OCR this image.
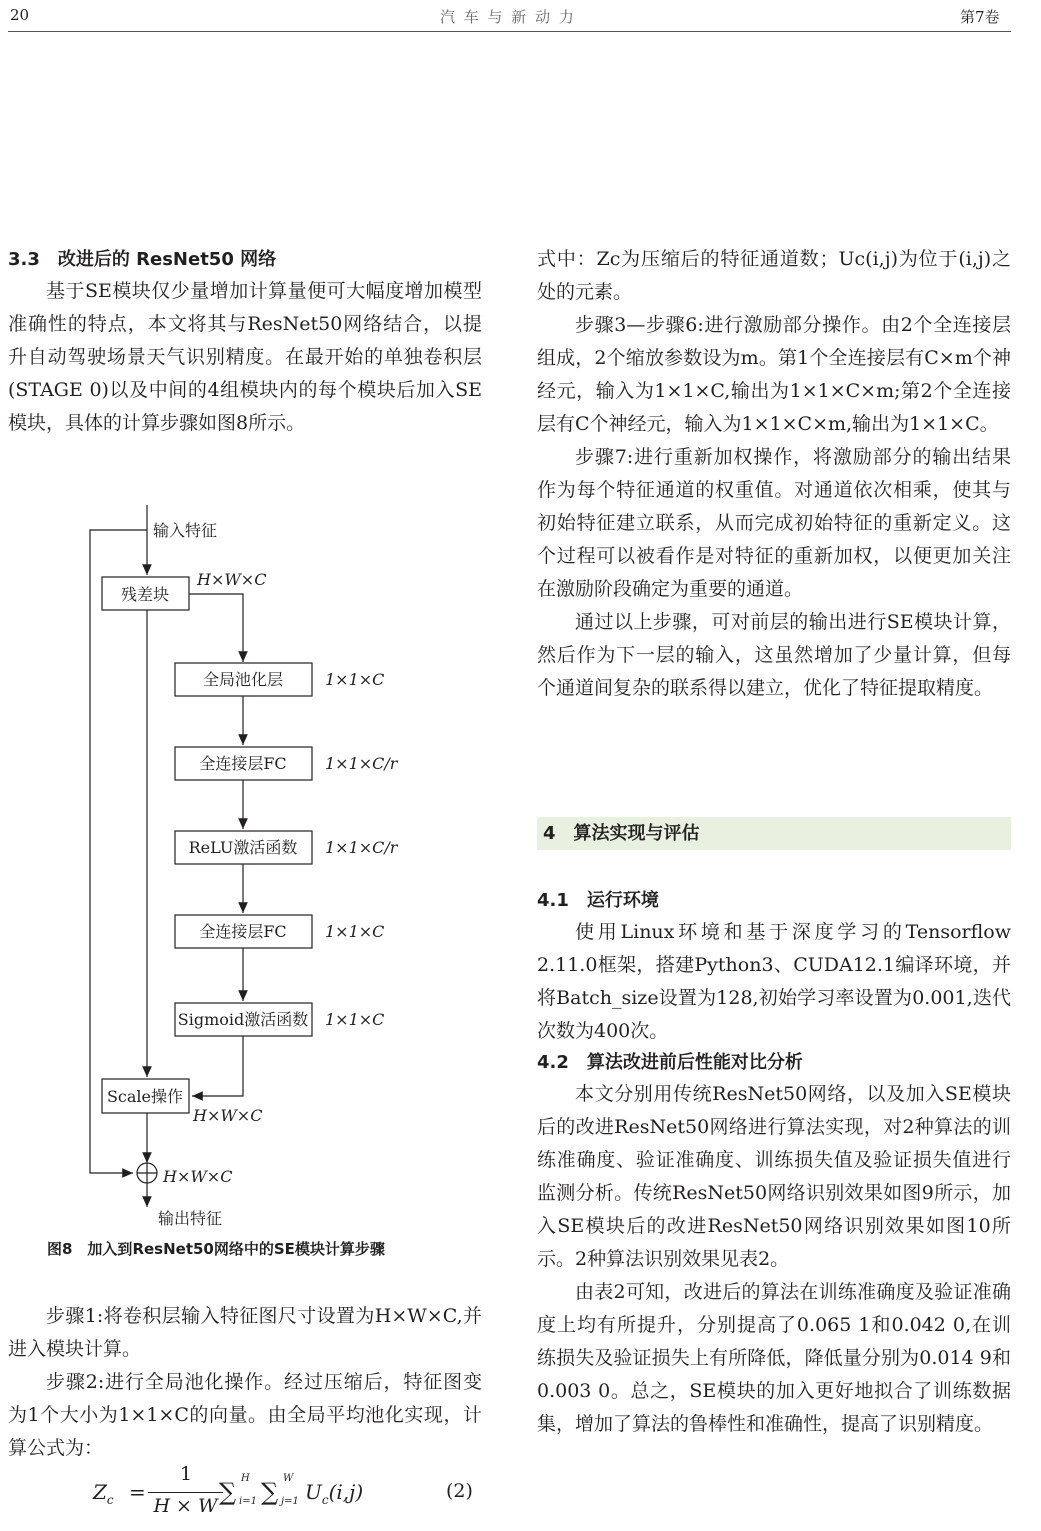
20	汽 车 与 新 动 力	第7卷
3.3　改进后的 ResNet50 网络

基于SE模块仅少量增加计算量便可大幅度增加模型准确性的特点，本文将其与ResNet50网络结合，以提升自动驾驶场景天气识别精度。在最开始的单独卷积层(STAGE 0)以及中间的4组模块内的每个模块后加入SE模块，具体的计算步骤如图8所示。

输入特征
残差块
全局池化层
全连接层FC
ReLU激活函数
全连接层FC
Sigmoid激活函数
Scale操作
输出特征
H×W×C
1×1×C
1×1×C/r
1×1×C/r
1×1×C
1×1×C
H×W×C
H×W×C
图8　加入到ResNet50网络中的SE模块计算步骤

步骤1:将卷积层输入特征图尺寸设置为H×W×C,并进入模块计算。

步骤2:进行全局池化操作。经过压缩后，特征图变为1个大小为1×1×C的向量。由全局平均池化实现，计算公式为：

$Z_c$ =
1
H × W ∑ H
i=1 ∑ W
j=1 $U_c(i,j)$	(2)

式中：Zc为压缩后的特征通道数；Uc(i,j)为位于(i,j)之处的元素。

步骤3—步骤6:进行激励部分操作。由2个全连接层组成，2个缩放参数设为m。第1个全连接层有C×m个神经元，输入为1×1×C,输出为1×1×C×m;第2个全连接层有C个神经元，输入为1×1×C×m,输出为1×1×C。

步骤7:进行重新加权操作，将激励部分的输出结果作为每个特征通道的权重值。对通道依次相乘，使其与初始特征建立联系，从而完成初始特征的重新定义。这个过程可以被看作是对特征的重新加权，以便更加关注在激励阶段确定为重要的通道。

通过以上步骤，可对前层的输出进行SE模块计算，然后作为下一层的输入，这虽然增加了少量计算，但每个通道间复杂的联系得以建立，优化了特征提取精度。

4　算法实现与评估
4.1　运行环境

使用Linux环境和基于深度学习的Tensorflow 2.11.0框架，搭建Python3、CUDA12.1编译环境，并将Batch_size设置为128,初始学习率设置为0.001,迭代次数为400次。

4.2　算法改进前后性能对比分析

本文分别用传统ResNet50网络，以及加入SE模块后的改进ResNet50网络进行算法实现，对2种算法的训练准确度、验证准确度、训练损失值及验证损失值进行监测分析。传统ResNet50网络识别效果如图9所示，加入SE模块后的改进ResNet50网络识别效果如图10所示。2种算法识别效果见表2。

由表2可知，改进后的算法在训练准确度及验证准确度上均有所提升，分别提高了0.065 1和0.042 0,在训练损失及验证损失上有所降低，降低量分别为0.014 9和0.003 0。总之，SE模块的加入更好地拟合了训练数据集，增加了算法的鲁棒性和准确性，提高了识别精度。
